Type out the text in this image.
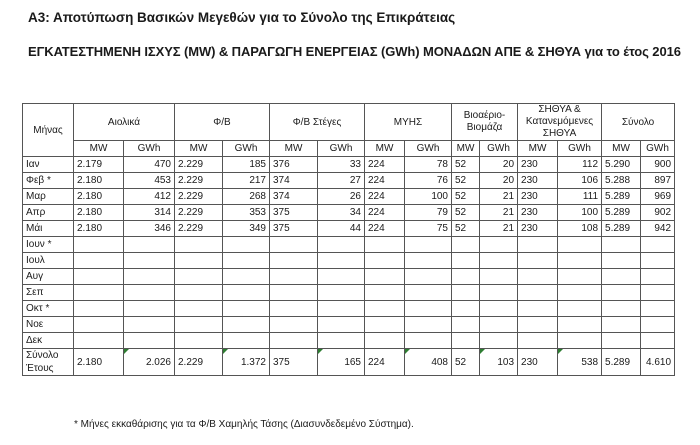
Α3: Αποτύπωση Βασικών Μεγεθών για το Σύνολο της Επικράτειας
ΕΓΚΑΤΕΣΤΗΜΕΝΗ ΙΣΧΥΣ (MW) & ΠΑΡΑΓΩΓΗ ΕΝΕΡΓΕΙΑΣ (GWh) ΜΟΝΑΔΩΝ ΑΠΕ & ΣΗΘΥΑ για το έτος 2016
Μήνας	Αιολικά		Φ/Β		Φ/Β Στέγες		ΜΥΗΣ		Βιοαέριο-Βιομάζα		ΣΗΘΥΑ & Κατανεμόμενες ΣΗΘΥΑ		Σύνολο	
	MW	GWh	MW	GWh	MW	GWh	MW	GWh	MW	GWh	MW	GWh	MW	GWh
Ιαν	2.179	470	2.229	185	376	33	224	78	52	20	230	112	5.290	900
Φεβ *	2.180	453	2.229	217	374	27	224	76	52	20	230	106	5.288	897
Μαρ	2.180	412	2.229	268	374	26	224	100	52	21	230	111	5.289	969
Απρ	2.180	314	2.229	353	375	34	224	79	52	21	230	100	5.289	902
Μάι	2.180	346	2.229	349	375	44	224	75	52	21	230	108	5.289	942
Ιουν *														
Ιουλ														
Αυγ														
Σεπ														
Οκτ *														
Νοε														
Δεκ														
Σύνολο Έτους	2.180	2.026	2.229	1.372	375	165	224	408	52	103	230	538	5.289	4.610
* Μήνες εκκαθάρισης για τα Φ/Β Χαμηλής Τάσης (Διασυνδεδεμένο Σύστημα).
